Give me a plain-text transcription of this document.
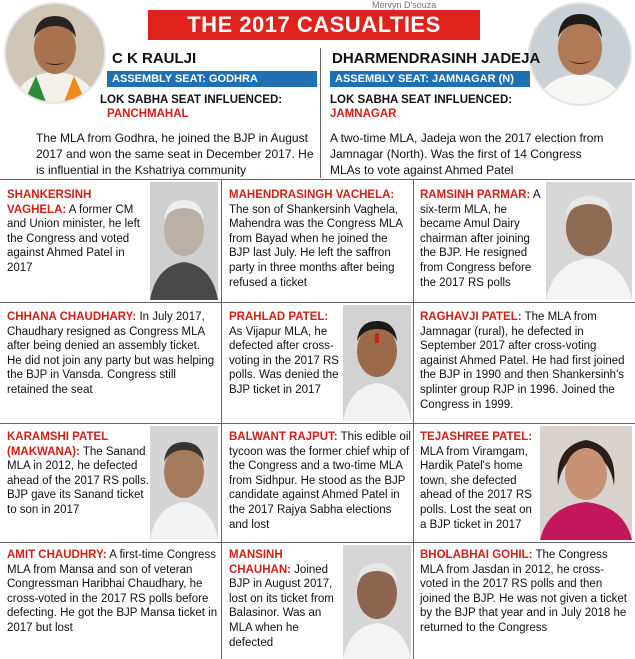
Mervyn D'souza
THE 2017 CASUALTIES
C K RAULJI
ASSEMBLY SEAT: GODHRA
LOK SABHA SEAT INFLUENCED:
PANCHMAHAL
The MLA from Godhra, he joined the BJP in August 2017 and won the same seat in December 2017. He is influential in the Kshatriya community
DHARMENDRASINH JADEJA
ASSEMBLY SEAT: JAMNAGAR (N)
LOK SABHA SEAT INFLUENCED:
JAMNAGAR
A two-time MLA, Jadeja won the 2017 election from Jamnagar (North). Was the first of 14 Congress MLAs to vote against Ahmed Patel
SHANKERSINH VAGHELA: A former CM and Union minister, he left the Congress and voted against Ahmed Patel in 2017
MAHENDRASINGH VACHELA: The son of Shankersinh Vaghela, Mahendra was the Congress MLA from Bayad when he joined the BJP last July. He left the saffron party in three months after being refused a ticket
RAMSINH PARMAR: A six-term MLA, he became Amul Dairy chairman after joining the BJP. He resigned from Congress before the 2017 RS polls
CHHANA CHAUDHARY: In July 2017, Chaudhary resigned as Congress MLA after being denied an assembly ticket. He did not join any party but was helping the BJP in Vansda. Congress still retained the seat
PRAHLAD PATEL: As Vijapur MLA, he defected after cross-voting in the 2017 RS polls. Was denied the BJP ticket in 2017
RAGHAVJI PATEL: The MLA from Jamnagar (rural), he defected in September 2017 after cross-voting against Ahmed Patel. He had first joined the BJP in 1990 and then Shankersinh's splinter group RJP in 1996. Joined the Congress in 1999.
KARAMSHI PATEL (MAKWANA): The Sanand MLA in 2012, he defected ahead of the 2017 RS polls. BJP gave its Sanand ticket to son in 2017
BALWANT RAJPUT: This edible oil tycoon was the former chief whip of the Congress and a two-time MLA from Sidhpur. He stood as the BJP candidate against Ahmed Patel in the 2017 Rajya Sabha elections and lost
TEJASHREE PATEL: MLA from Viramgam, Hardik Patel's home town, she defected ahead of the 2017 RS polls. Lost the seat on a BJP ticket in 2017
AMIT CHAUDHRY: A first-time Congress MLA from Mansa and son of veteran Congressman Haribhai Chaudhary, he cross-voted in the 2017 RS polls before defecting. He got the BJP Mansa ticket in 2017 but lost
MANSINH CHAUHAN: Joined BJP in August 2017, lost on its ticket from Balasinor. Was an MLA when he defected
BHOLABHAI GOHIL: The Congress MLA from Jasdan in 2012, he cross-voted in the 2017 RS polls and then joined the BJP. He was not given a ticket by the BJP that year and in July 2018 he returned to the Congress
